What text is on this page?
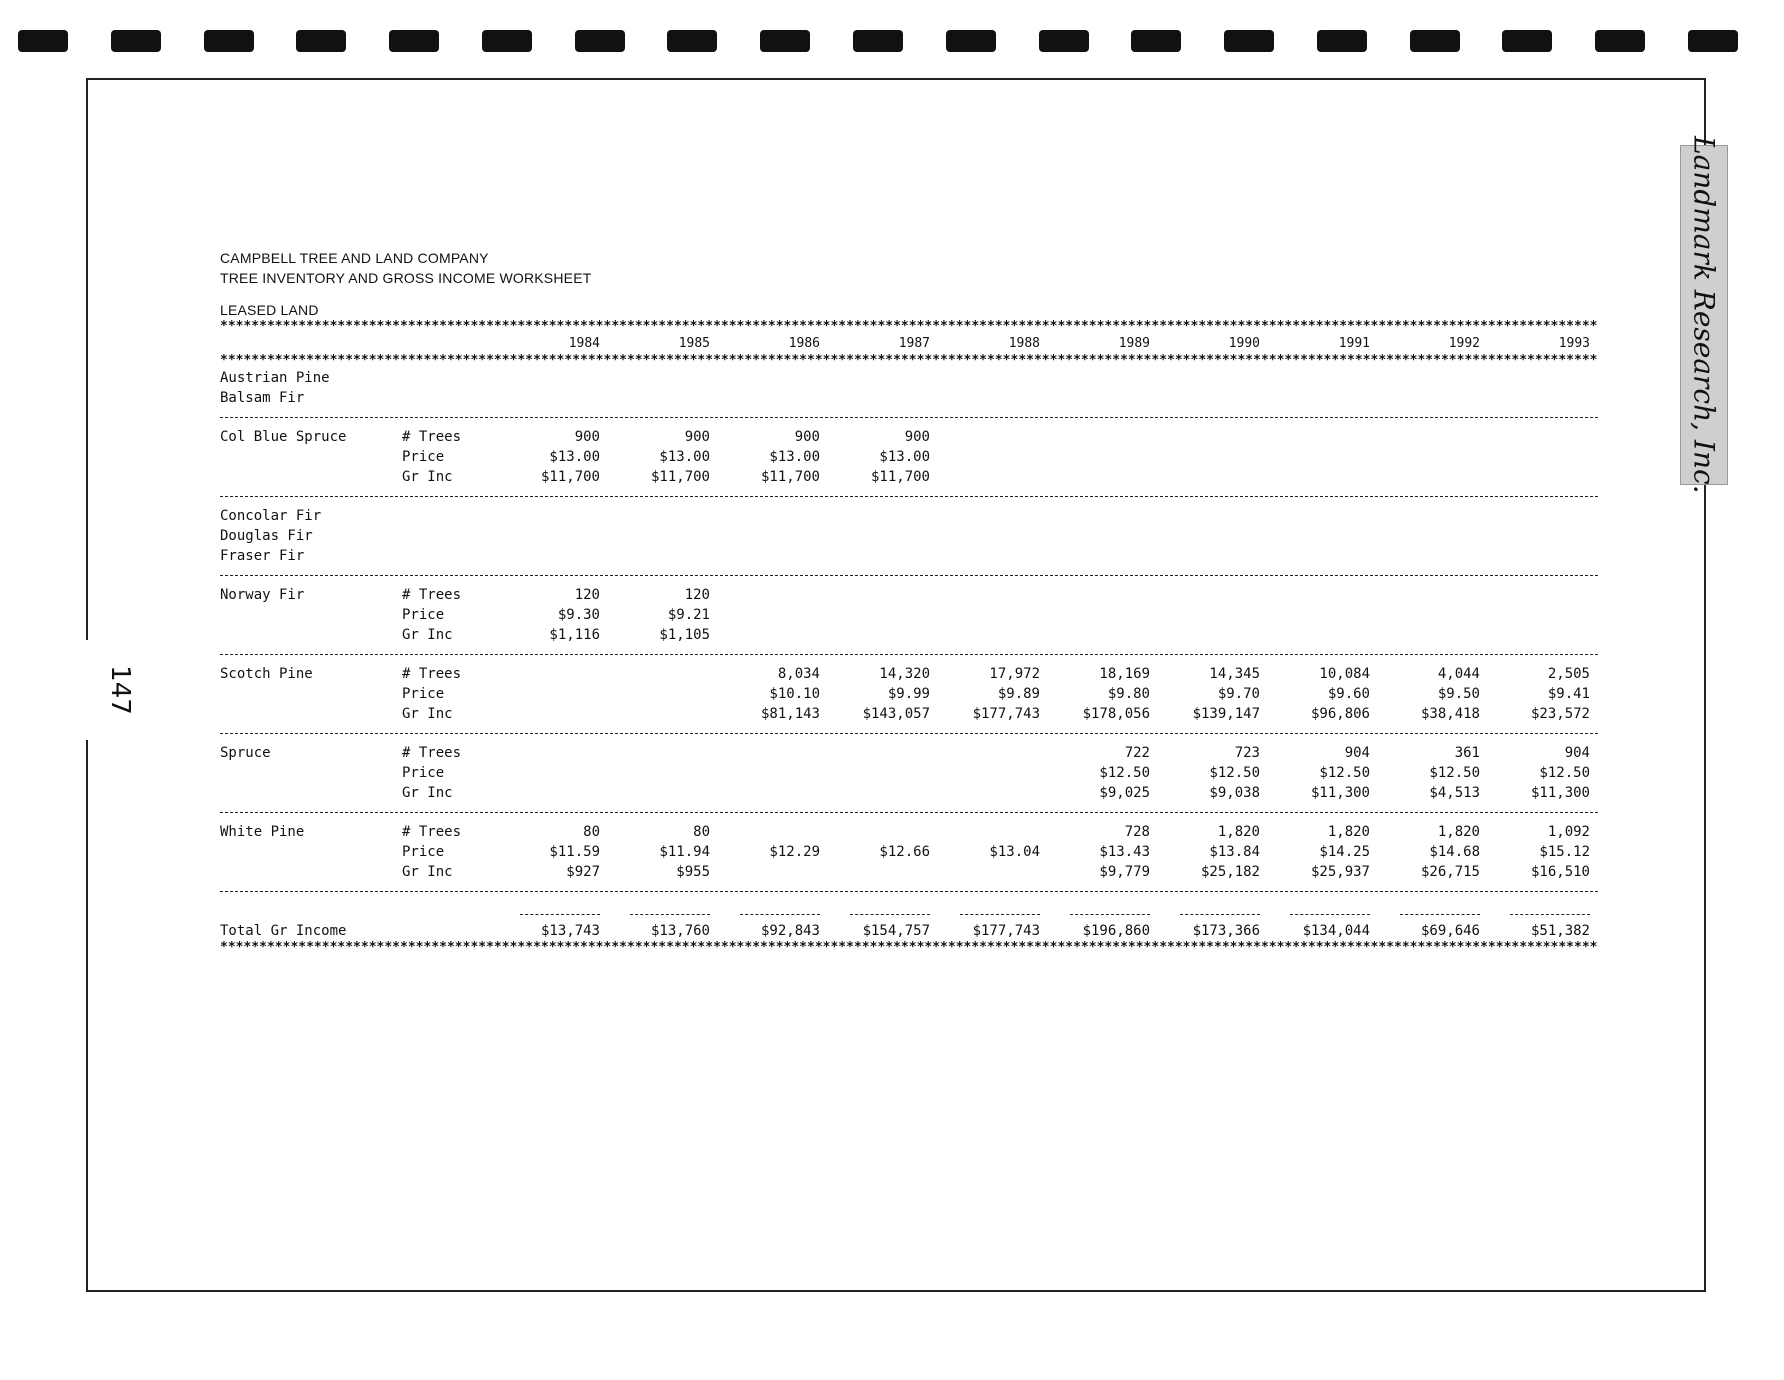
Landmark Research, Inc.
147
CAMPBELL TREE AND LAND COMPANY
TREE INVENTORY AND GROSS INCOME WORKSHEET
LEASED LAND
*****
		1984	1985	1986	1987	1988	1989	1990	1991	1992	1993
*****
Austrian Pine											
Balsam Fir											
Col Blue Spruce	# Trees	900	900	900	900						
	Price	$13.00	$13.00	$13.00	$13.00						
	Gr Inc	$11,700	$11,700	$11,700	$11,700						
Concolar Fir											
Douglas Fir											
Fraser Fir											
Norway Fir	# Trees	120	120								
	Price	$9.30	$9.21								
	Gr Inc	$1,116	$1,105								
Scotch Pine	# Trees			8,034	14,320	17,972	18,169	14,345	10,084	4,044	2,505
	Price			$10.10	$9.99	$9.89	$9.80	$9.70	$9.60	$9.50	$9.41
	Gr Inc			$81,143	$143,057	$177,743	$178,056	$139,147	$96,806	$38,418	$23,572
Spruce	# Trees						722	723	904	361	904
	Price						$12.50	$12.50	$12.50	$12.50	$12.50
	Gr Inc						$9,025	$9,038	$11,300	$4,513	$11,300
White Pine	# Trees	80	80				728	1,820	1,820	1,820	1,092
	Price	$11.59	$11.94	$12.29	$12.66	$13.04	$13.43	$13.84	$14.25	$14.68	$15.12
	Gr Inc	$927	$955				$9,779	$25,182	$25,937	$26,715	$16,510

Total Gr Income		$13,743	$13,760	$92,843	$154,757	$177,743	$196,860	$173,366	$134,044	$69,646	$51,382
*****
